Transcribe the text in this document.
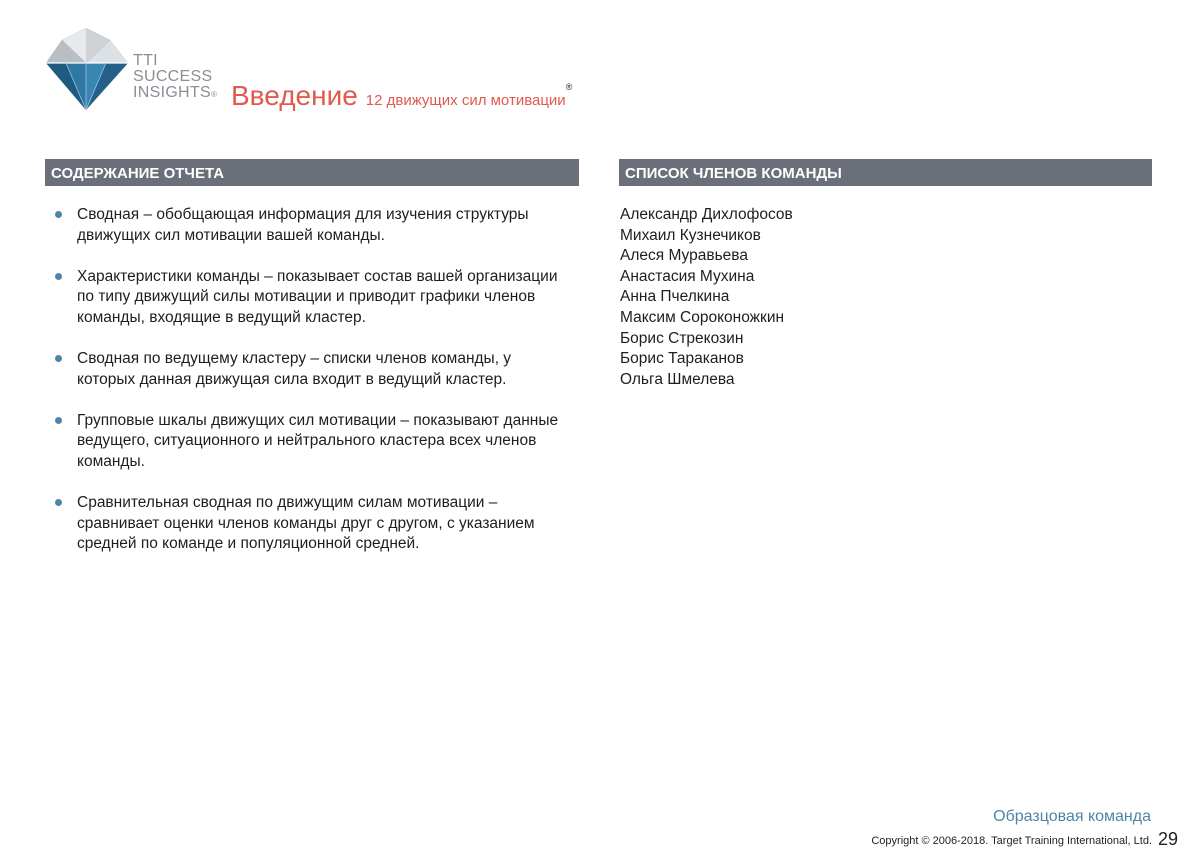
TTI
SUCCESS
INSIGHTS® Введение 12 движущих сил мотивации®
СОДЕРЖАНИЕ ОТЧЕТА	СПИСОК ЧЛЕНОВ КОМАНДЫ
Сводная – обобщающая информация для изучения структуры движущих сил мотивации вашей команды.
Характеристики команды – показывает состав вашей организации по типу движущий силы мотивации и приводит графики членов команды, входящие в ведущий кластер.
Сводная по ведущему кластеру – списки членов команды, у которых данная движущая сила входит в ведущий кластер.
Групповые шкалы движущих сил мотивации – показывают данные ведущего, ситуационного и нейтрального кластера всех членов команды.
Сравнительная сводная по движущим силам мотивации – сравнивает оценки членов команды друг с другом, с указанием средней по команде и популяционной средней.
Александр Дихлофосов
Михаил Кузнечиков
Алеся Муравьева
Анастасия Мухина
Анна Пчелкина
Максим Сороконожкин
Борис Стрекозин
Борис Тараканов
Ольга Шмелева
Образцовая команда
Copyright © 2006-2018. Target Training International, Ltd. 29
